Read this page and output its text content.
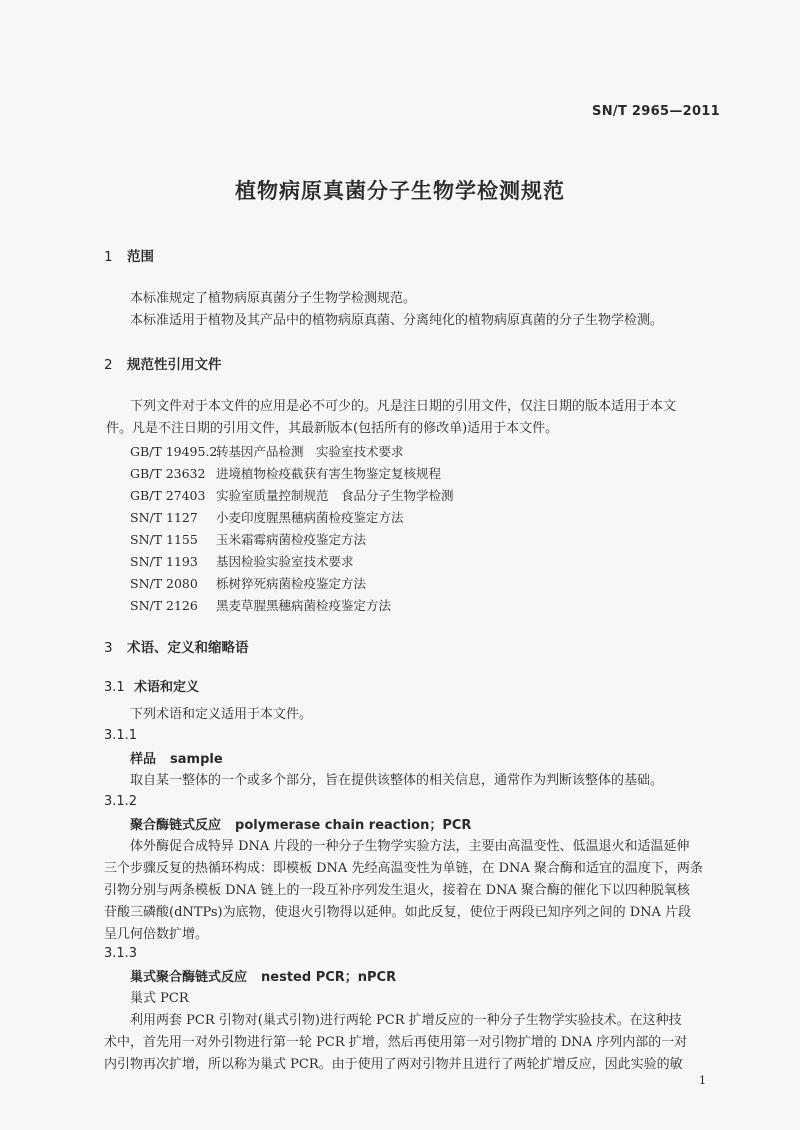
SN/T 2965—2011
植物病原真菌分子生物学检测规范
1 范围
本标准规定了植物病原真菌分子生物学检测规范。
本标准适用于植物及其产品中的植物病原真菌、分离纯化的植物病原真菌的分子生物学检测。
2 规范性引用文件
下列文件对于本文件的应用是必不可少的。凡是注日期的引用文件，仅注日期的版本适用于本文
件。凡是不注日期的引用文件，其最新版本(包括所有的修改单)适用于本文件。
GB/T 19495.2转基因产品检测　实验室技术要求
GB/T 23632 进境植物检疫截获有害生物鉴定复核规程
GB/T 27403 实验室质量控制规范　食品分子生物学检测
SN/T 1127 小麦印度腥黑穗病菌检疫鉴定方法
SN/T 1155 玉米霜霉病菌检疫鉴定方法
SN/T 1193 基因检验实验室技术要求
SN/T 2080 栎树猝死病菌检疫鉴定方法
SN/T 2126 黑麦草腥黑穗病菌检疫鉴定方法
3 术语、定义和缩略语
3.1 术语和定义
下列术语和定义适用于本文件。
3.1.1
样品 sample
取自某一整体的一个或多个部分，旨在提供该整体的相关信息，通常作为判断该整体的基础。
3.1.2
聚合酶链式反应 polymerase chain reaction；PCR
体外酶促合成特异 DNA 片段的一种分子生物学实验方法，主要由高温变性、低温退火和适温延伸
三个步骤反复的热循环构成：即模板 DNA 先经高温变性为单链，在 DNA 聚合酶和适宜的温度下，两条
引物分别与两条模板 DNA 链上的一段互补序列发生退火，接着在 DNA 聚合酶的催化下以四种脱氧核
苷酸三磷酸(dNTPs)为底物，使退火引物得以延伸。如此反复，使位于两段已知序列之间的 DNA 片段
呈几何倍数扩增。
3.1.3
巢式聚合酶链式反应 nested PCR；nPCR
巢式 PCR
利用两套 PCR 引物对(巢式引物)进行两轮 PCR 扩增反应的一种分子生物学实验技术。在这种技
术中，首先用一对外引物进行第一轮 PCR 扩增，然后再使用第一对引物扩增的 DNA 序列内部的一对
内引物再次扩增，所以称为巢式 PCR。由于使用了两对引物并且进行了两轮扩增反应，因此实验的敏
1
